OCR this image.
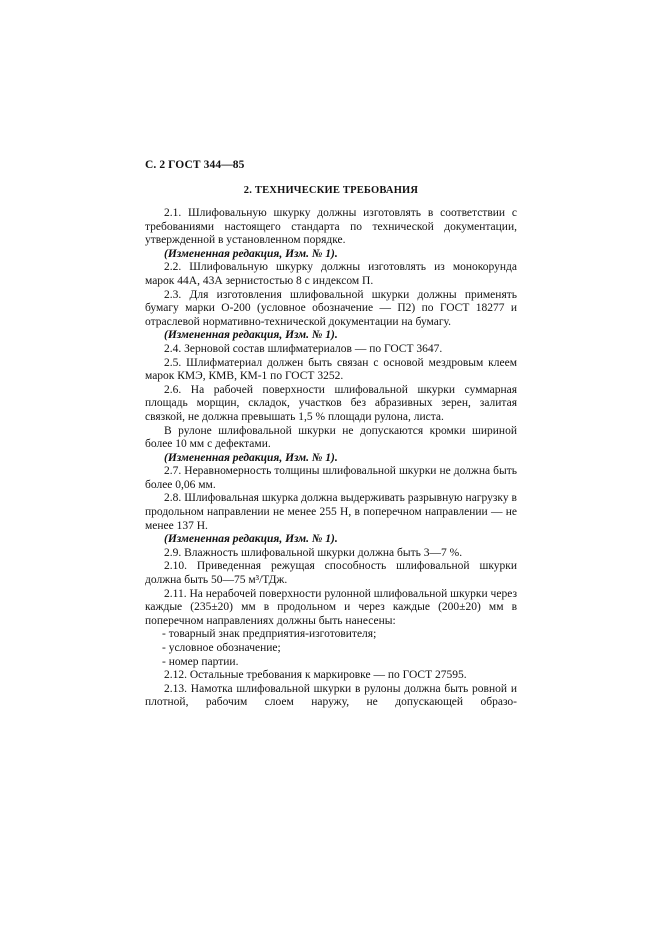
С. 2 ГОСТ 344—85
2. ТЕХНИЧЕСКИЕ ТРЕБОВАНИЯ

2.1. Шлифовальную шкурку должны изготовлять в соответствии с требованиями настоящего стандарта по технической документации, утвержденной в установленном порядке.

(Измененная редакция, Изм. № 1).

2.2. Шлифовальную шкурку должны изготовлять из монокорунда марок 44А, 43А зернистостью 8 с индексом П.

2.3. Для изготовления шлифовальной шкурки должны применять бумагу марки О-200 (условное обозначение — П2) по ГОСТ 18277 и отраслевой нормативно-технической документации на бумагу.

(Измененная редакция, Изм. № 1).

2.4. Зерновой состав шлифматериалов — по ГОСТ 3647.

2.5. Шлифматериал должен быть связан с основой мездровым клеем марок КМЭ, КМВ, КМ-1 по ГОСТ 3252.

2.6. На рабочей поверхности шлифовальной шкурки суммарная площадь морщин, складок, участков без абразивных зерен, залитая связкой, не должна превышать 1,5 % площади рулона, листа.

В рулоне шлифовальной шкурки не допускаются кромки шириной более 10 мм с дефектами.

(Измененная редакция, Изм. № 1).

2.7. Неравномерность толщины шлифовальной шкурки не должна быть более 0,06 мм.

2.8. Шлифовальная шкурка должна выдерживать разрывную нагрузку в продольном направлении не менее 255 Н, в поперечном направлении — не менее 137 Н.

(Измененная редакция, Изм. № 1).

2.9. Влажность шлифовальной шкурки должна быть 3—7 %.

2.10. Приведенная режущая способность шлифовальной шкурки должна быть 50—75 м³/ТДж.

2.11. На нерабочей поверхности рулонной шлифовальной шкурки через каждые (235±20) мм в продольном и через каждые (200±20) мм в поперечном направлениях должны быть нанесены:

- товарный знак предприятия-изготовителя;

- условное обозначение;

- номер партии.

2.12. Остальные требования к маркировке — по ГОСТ 27595.

2.13. Намотка шлифовальной шкурки в рулоны должна быть ровной и плотной, рабочим слоем наружу, не допускающей образо-
